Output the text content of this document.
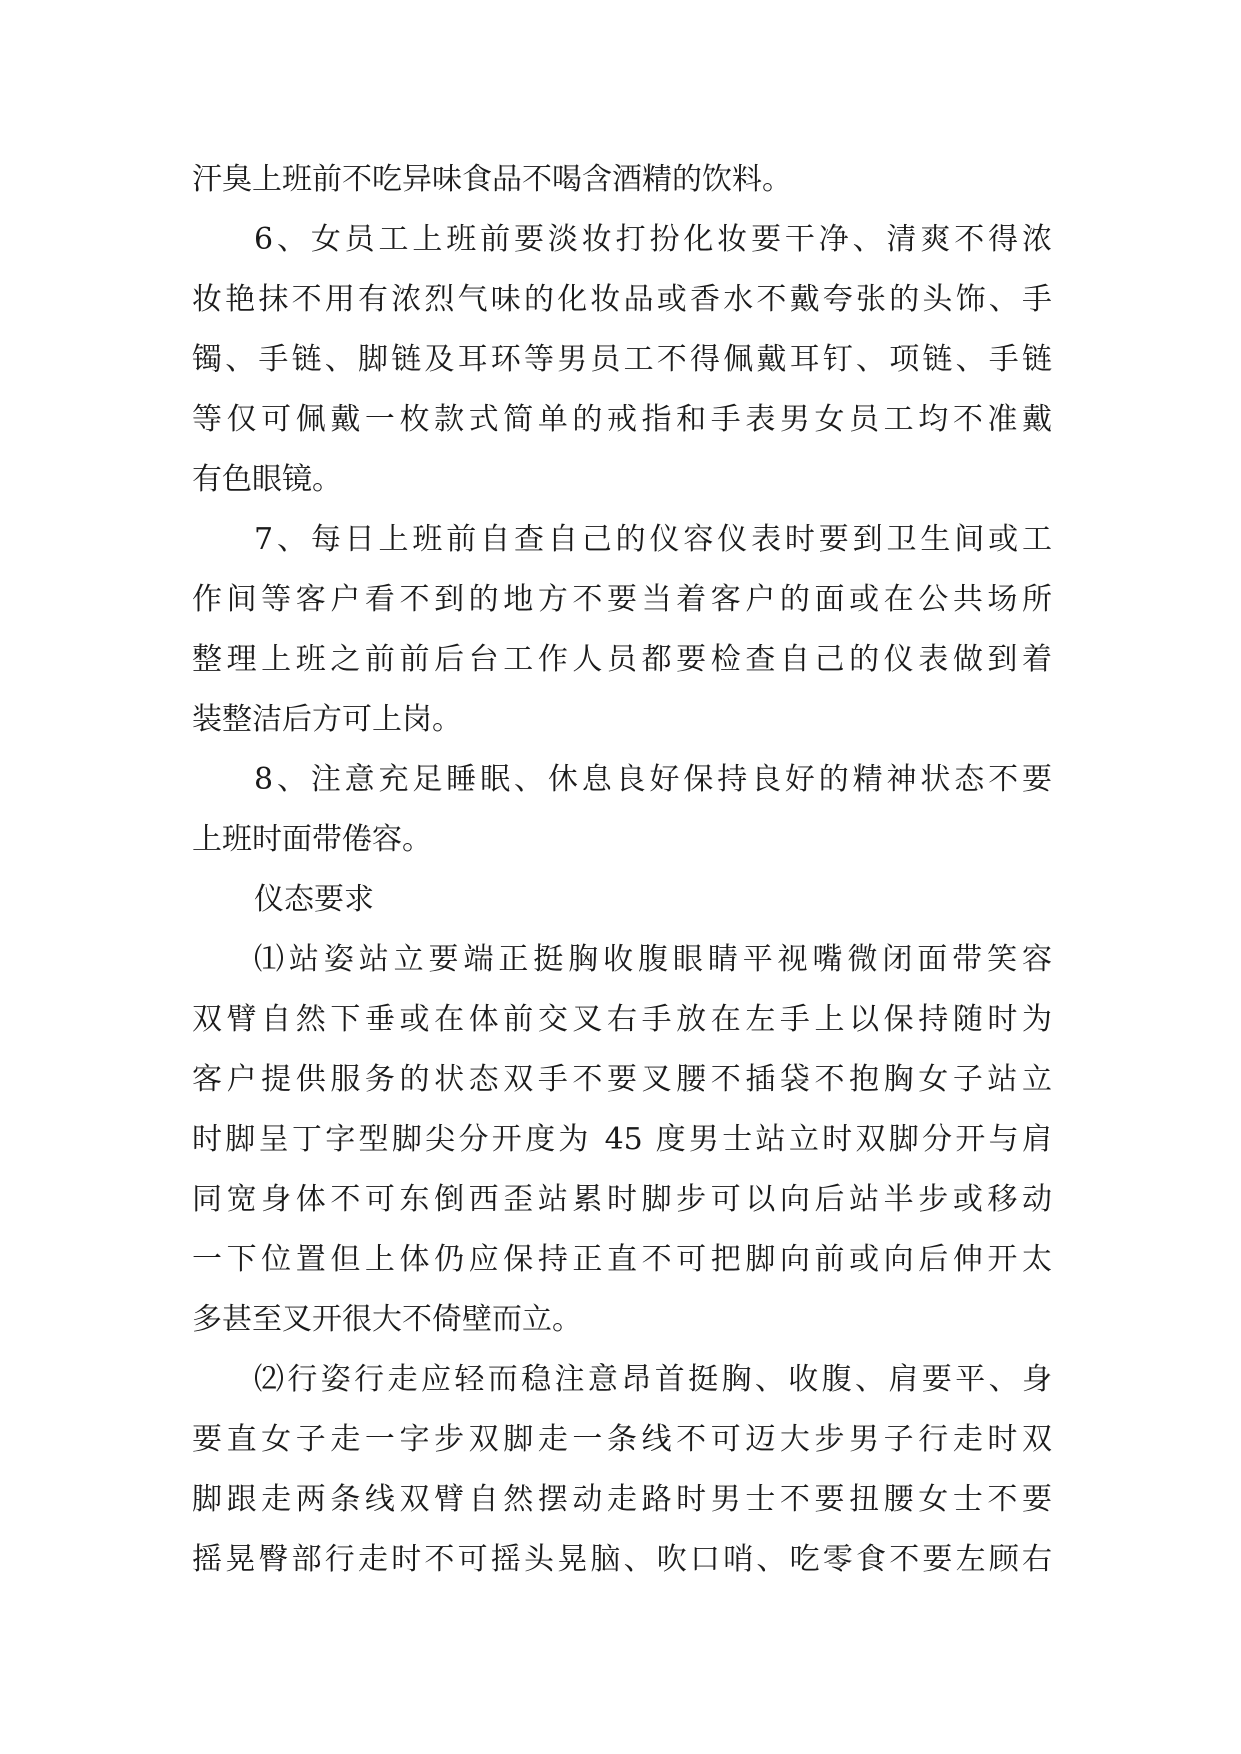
汗臭上班前不吃异味食品不喝含酒精的饮料。
6、女员工上班前要淡妆打扮化妆要干净、清爽不得浓
妆艳抹不用有浓烈气味的化妆品或香水不戴夸张的头饰、手
镯、手链、脚链及耳环等男员工不得佩戴耳钉、项链、手链
等仅可佩戴一枚款式简单的戒指和手表男女员工均不准戴
有色眼镜。
7、每日上班前自查自己的仪容仪表时要到卫生间或工
作间等客户看不到的地方不要当着客户的面或在公共场所
整理上班之前前后台工作人员都要检查自己的仪表做到着
装整洁后方可上岗。
8、注意充足睡眠、休息良好保持良好的精神状态不要
上班时面带倦容。
仪态要求
⑴站姿站立要端正挺胸收腹眼睛平视嘴微闭面带笑容
双臂自然下垂或在体前交叉右手放在左手上以保持随时为
客户提供服务的状态双手不要叉腰不插袋不抱胸女子站立
时脚呈丁字型脚尖分开度为 45 度男士站立时双脚分开与肩
同宽身体不可东倒西歪站累时脚步可以向后站半步或移动
一下位置但上体仍应保持正直不可把脚向前或向后伸开太
多甚至叉开很大不倚壁而立。
⑵行姿行走应轻而稳注意昂首挺胸、收腹、肩要平、身
要直女子走一字步双脚走一条线不可迈大步男子行走时双
脚跟走两条线双臂自然摆动走路时男士不要扭腰女士不要
摇晃臀部行走时不可摇头晃脑、吹口哨、吃零食不要左顾右
